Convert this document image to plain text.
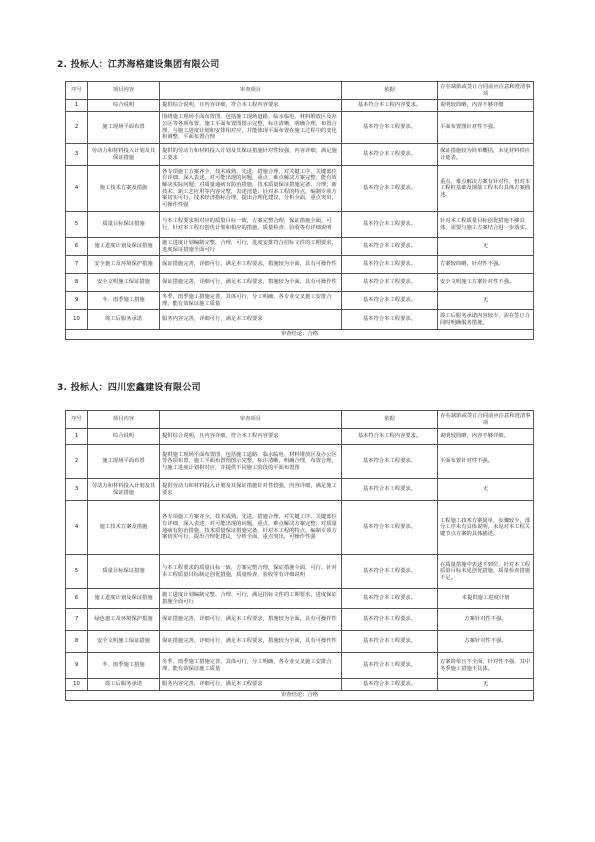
2. 投标人：江苏海格建设集团有限公司
序号	项目内容	审查项目	依据	存在缺陷或签订合同前应注意和澄清事项
1	综合说明	提供综合说明，且内容详细，符合本工程内容要求	基本符合本工程内容要求。	说明较简略，内容不够详细
2	施工现场平面布置	围绕施工现场平面布置图，包括施工现场道路、临水临电、材料堆放区及办公区等各项布置，施工平面布置图图示完整，标注清晰，明确合理，布置合理，与施工进度计划和安排相对应，并能体现平面布置在施工过程中的变化和调整，平面布置合理	基本符合本工程要求。	平面布置图针对性不强。
3	劳动力和材料投入计划及其保证措施	提供的劳动力和材料投入计划及其保证措施针对性较强，内容详细，满足施工要求	基本符合本工程要求。	保证措施较为简单概括，未见材料供应计划表。
4	施工技术方案及措施	各专项施工方案齐全，技术成熟，先进，措施合理，对关键工序、关键部位有详细、深入表述，对可能出现的问题，重点、难点解决方案完整，能有效解决实际问题；对质量通病有防治措施，技术质量保证措施完备、合理；新技术、新工艺应用等内容完整，表述清楚；针对本工程的特点，编制专项方案切实可行，技术经济指标合理，提出合理化建议，分析全面，重点突出，可操作性强	基本符合本工程要求。	重点、难点解决方案有针对性，但对本工程桩基础及钢筋工程未有具体方案描述。
5	质量目标保证措施	与本工程要求相对应的质量目标一致，方案完整合理，保证措施全面，可行，针对本工程有创优计划和相应的措施，质量检查、验收等有详细说明	基本符合本工程要求。	针对本工程质量目标创优措施不够具体，需要与施工方案结合进一步落实。
6	施工进度计划及保证措施	施工进度计划编制完整，合理，可行，进度安排符合招标文件的工期要求，进度保证措施全面可行	基本符合本工程要求。	无
7	安全施工及环境保护措施	保证措施完善，详细可行，满足本工程要求，措施较为全面，具有可操作性	基本符合本工程要求。	方案较简略，针对性不强。
8	安全文明施工保证措施	保证措施完善，详细可行，满足本工程要求，措施较为全面，具有可操作性	基本符合本工程要求。	安全文明施工方案针对性不强。
9	冬、雨季施工措施	冬季、雨季施工措施完善，具体可行，分工明确，各专业交叉施工安排合理，能有效保证施工质量	基本符合本工程要求。	无
10	竣工后服务承诺	服务内容完善，详细可行，满足本工程要求	基本符合本工程要求。	竣工后服务承诺内容较少，需在签订合同时明确服务措施。
审查结论：合格				
3. 投标人：四川宏鑫建设有限公司
序号	项目内容	审查项目	依据	存在缺陷或签订合同前应注意和澄清事项
1	综合说明	提供综合说明，且内容详细，符合本工程内容要求	基本符合本工程内容要求。	说明较简略，内容不够详细。
2	施工现场平面布置	提供施工现场平面布置图，包括施工道路、临水临电、材料堆放区及办公区等各项布置，施工平面布置图图示完整，标注清晰，明确合理，布置合理，与施工进度计划相对应，并提供不同施工阶段的平面布置图	基本符合本工程要求。	平面布置针对性不强。
3	劳动力和材料投入计划及其保证措施	提供劳动力和材料投入计划及其保证措施针对性较强，内容详细，满足施工要求	基本符合本工程要求。	无
4	施工技术方案及措施	各专项施工方案齐全，技术成熟，先进，措施合理，对关键工序、关键部位有详细、深入表述，对可能出现的问题，重点、难点解决方案完整；对质量通病有防治措施，技术质量保证措施完备，针对本工程的特点，编制专项方案切实可行，提出合理化建议，分析全面，重点突出，可操作性强	基本符合本工程要求。	工程施工技术方案简单，步骤较少，部分工序未有具体说明，未见对本工程关键节点方案的具体描述。
5	质量目标保证措施	与本工程要求的质量目标一致，方案完整合理，保证措施全面，可行，针对本工程质量目标制定创优措施，质量检查、验收等有详细说明	基本符合本工程要求。	在质量措施中表述不到位，针对本工程质量目标未见创优措施，质量检查措施不足。
6	施工进度计划及保证措施	施工进度计划编制完整、合理、可行，满足招标文件的工期要求，进度保证措施全面可行	基本符合本工程要求。	未提供施工进度计划
7	绿色施工及环境保护措施	保证措施完善，详细可行，满足本工程要求，措施较为全面，具有可操作性	基本符合本工程要求。	方案针对性不强。
8	安全文明施工保证措施	保证措施完善，详细可行，满足本工程要求，措施较为全面，具有可操作性	基本符合本工程要求。	方案针对性不强。
9	冬、雨季施工措施	冬季、雨季施工措施完善，具体可行，分工明确，各专业交叉施工安排合理，能有效保证施工质量	基本符合本工程要求。	方案简单且不全面，针对性不强，其中冬季施工措施不具体。
10	竣工后服务承诺	服务内容完善，详细可行，满足本工程要求	基本符合本工程要求。	无
审查结论：合格				
